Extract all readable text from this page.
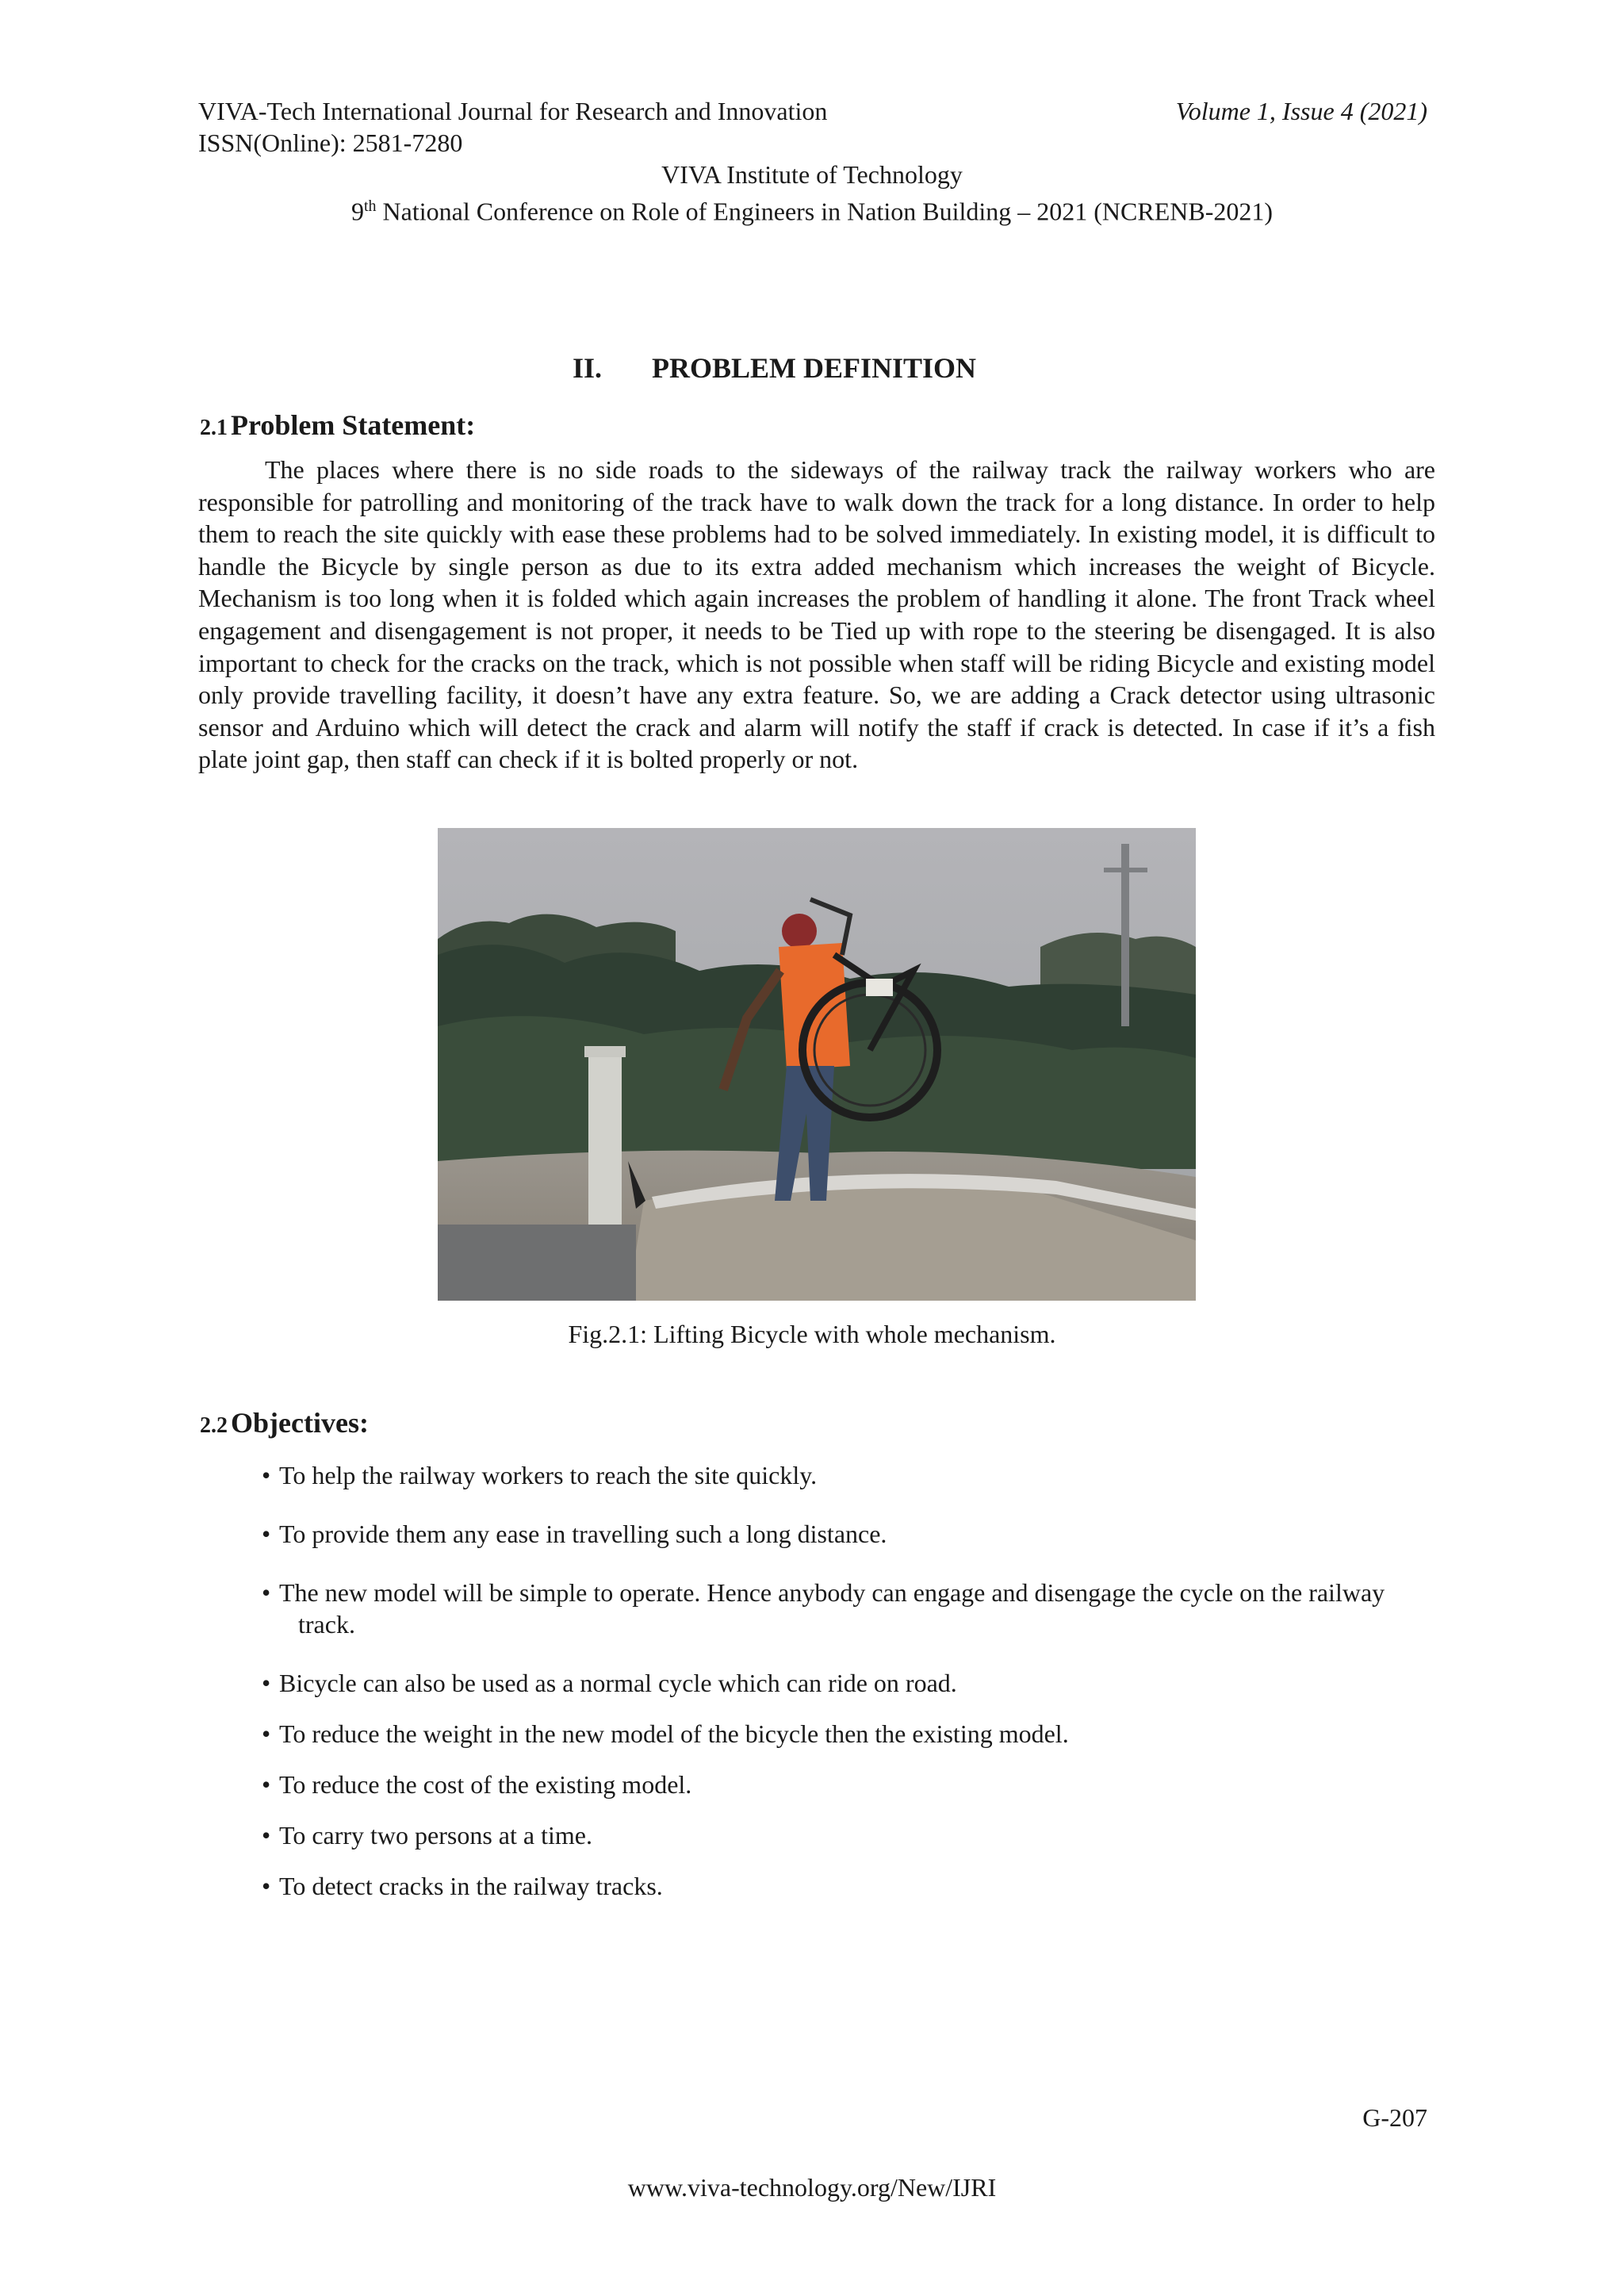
VIVA-Tech International Journal for Research and Innovation	Volume 1, Issue 4 (2021)
ISSN(Online): 2581-7280
VIVA Institute of Technology
9th National Conference on Role of Engineers in Nation Building – 2021 (NCRENB-2021)
II. PROBLEM DEFINITION
2.1 Problem Statement:
The places where there is no side roads to the sideways of the railway track the railway workers who are responsible for patrolling and monitoring of the track have to walk down the track for a long distance. In order to help them to reach the site quickly with ease these problems had to be solved immediately. In existing model, it is difficult to handle the Bicycle by single person as due to its extra added mechanism which increases the weight of Bicycle. Mechanism is too long when it is folded which again increases the problem of handling it alone. The front Track wheel engagement and disengagement is not proper, it needs to be Tied up with rope to the steering be disengaged. It is also important to check for the cracks on the track, which is not possible when staff will be riding Bicycle and existing model only provide travelling facility, it doesn’t have any extra feature. So, we are adding a Crack detector using ultrasonic sensor and Arduino which will detect the crack and alarm will notify the staff if crack is detected. In case if it’s a fish plate joint gap, then staff can check if it is bolted properly or not.
Fig.2.1: Lifting Bicycle with whole mechanism.
2.2 Objectives:
• To help the railway workers to reach the site quickly.
• To provide them any ease in travelling such a long distance.
• The new model will be simple to operate. Hence anybody can engage and disengage the cycle on the railway track.
• Bicycle can also be used as a normal cycle which can ride on road.
• To reduce the weight in the new model of the bicycle then the existing model.
• To reduce the cost of the existing model.
• To carry two persons at a time.
• To detect cracks in the railway tracks.
G-207
www.viva-technology.org/New/IJRI
